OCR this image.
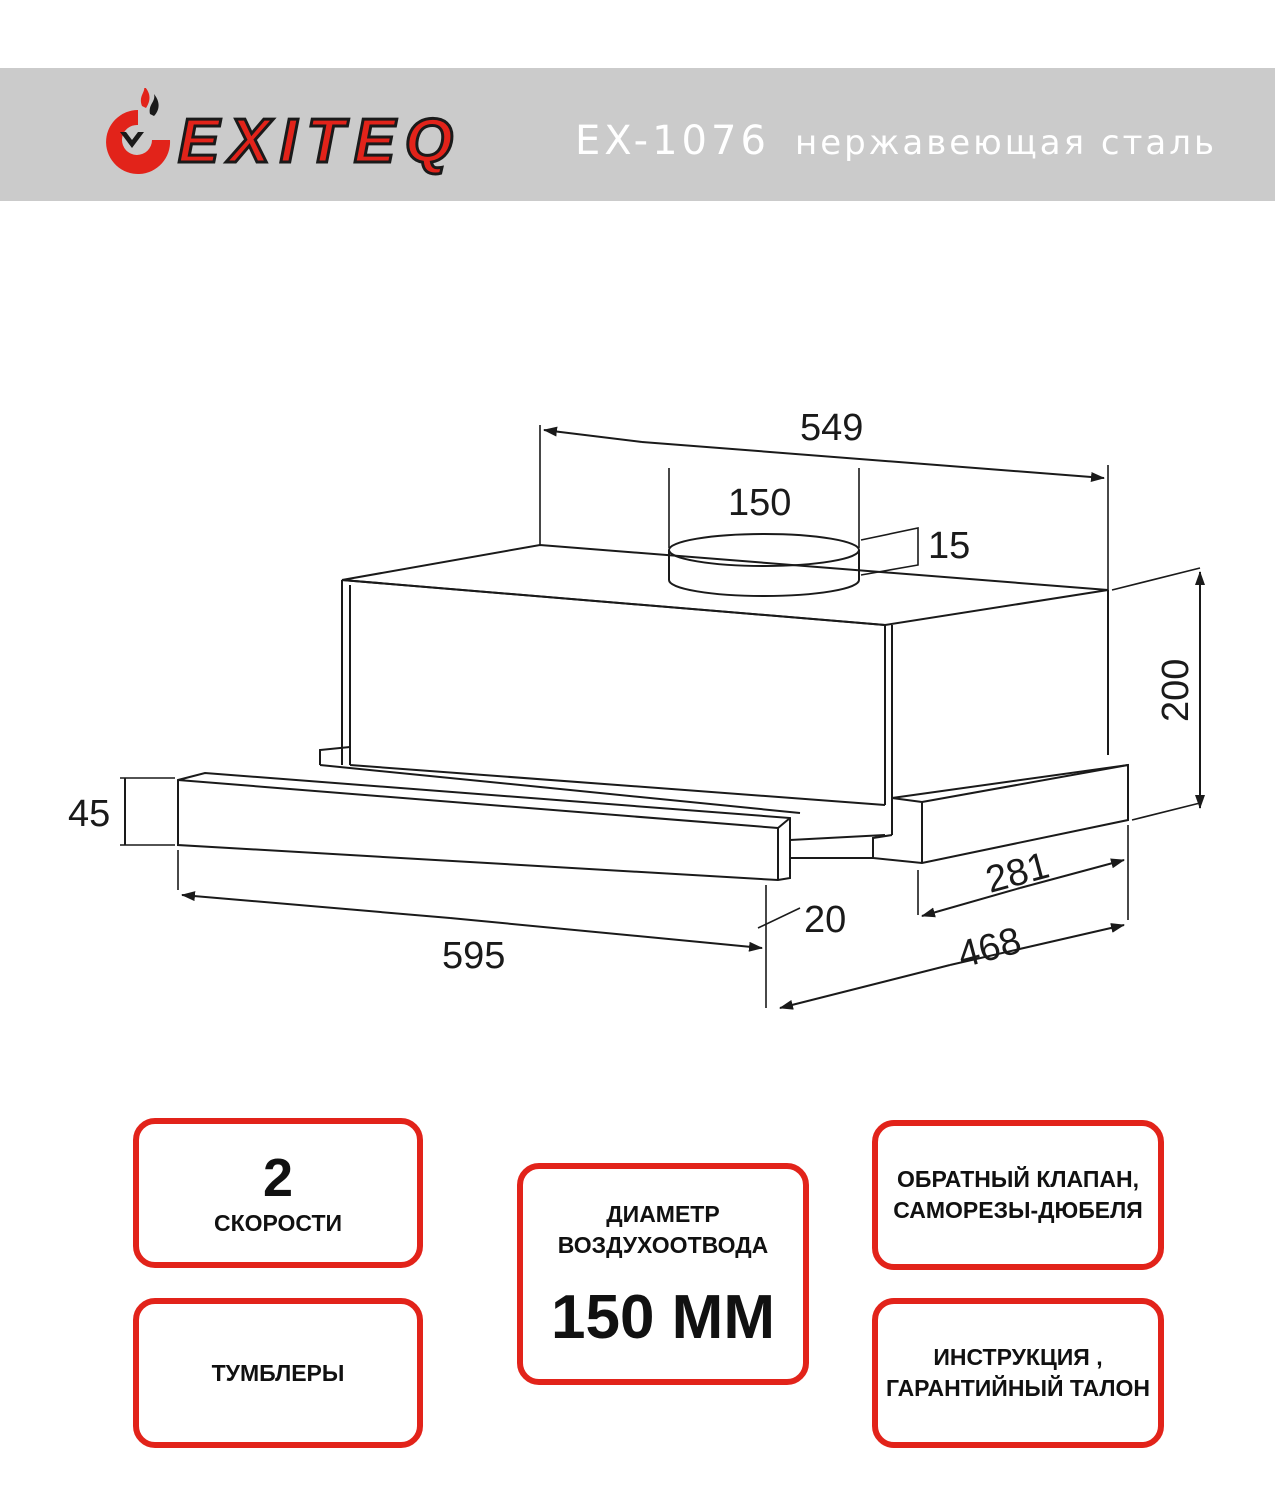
EXITEQ	EX-1076 нержавеющая сталь
549
150
15
200
45
595
20
281
468
2
СКОРОСТИ
ТУМБЛЕРЫ
ДИАМЕТР
ВОЗДУХООТВОДА
150 ММ
ОБРАТНЫЙ КЛАПАН,
САМОРЕЗЫ-ДЮБЕЛЯ
ИНСТРУКЦИЯ ,
ГАРАНТИЙНЫЙ ТАЛОН
